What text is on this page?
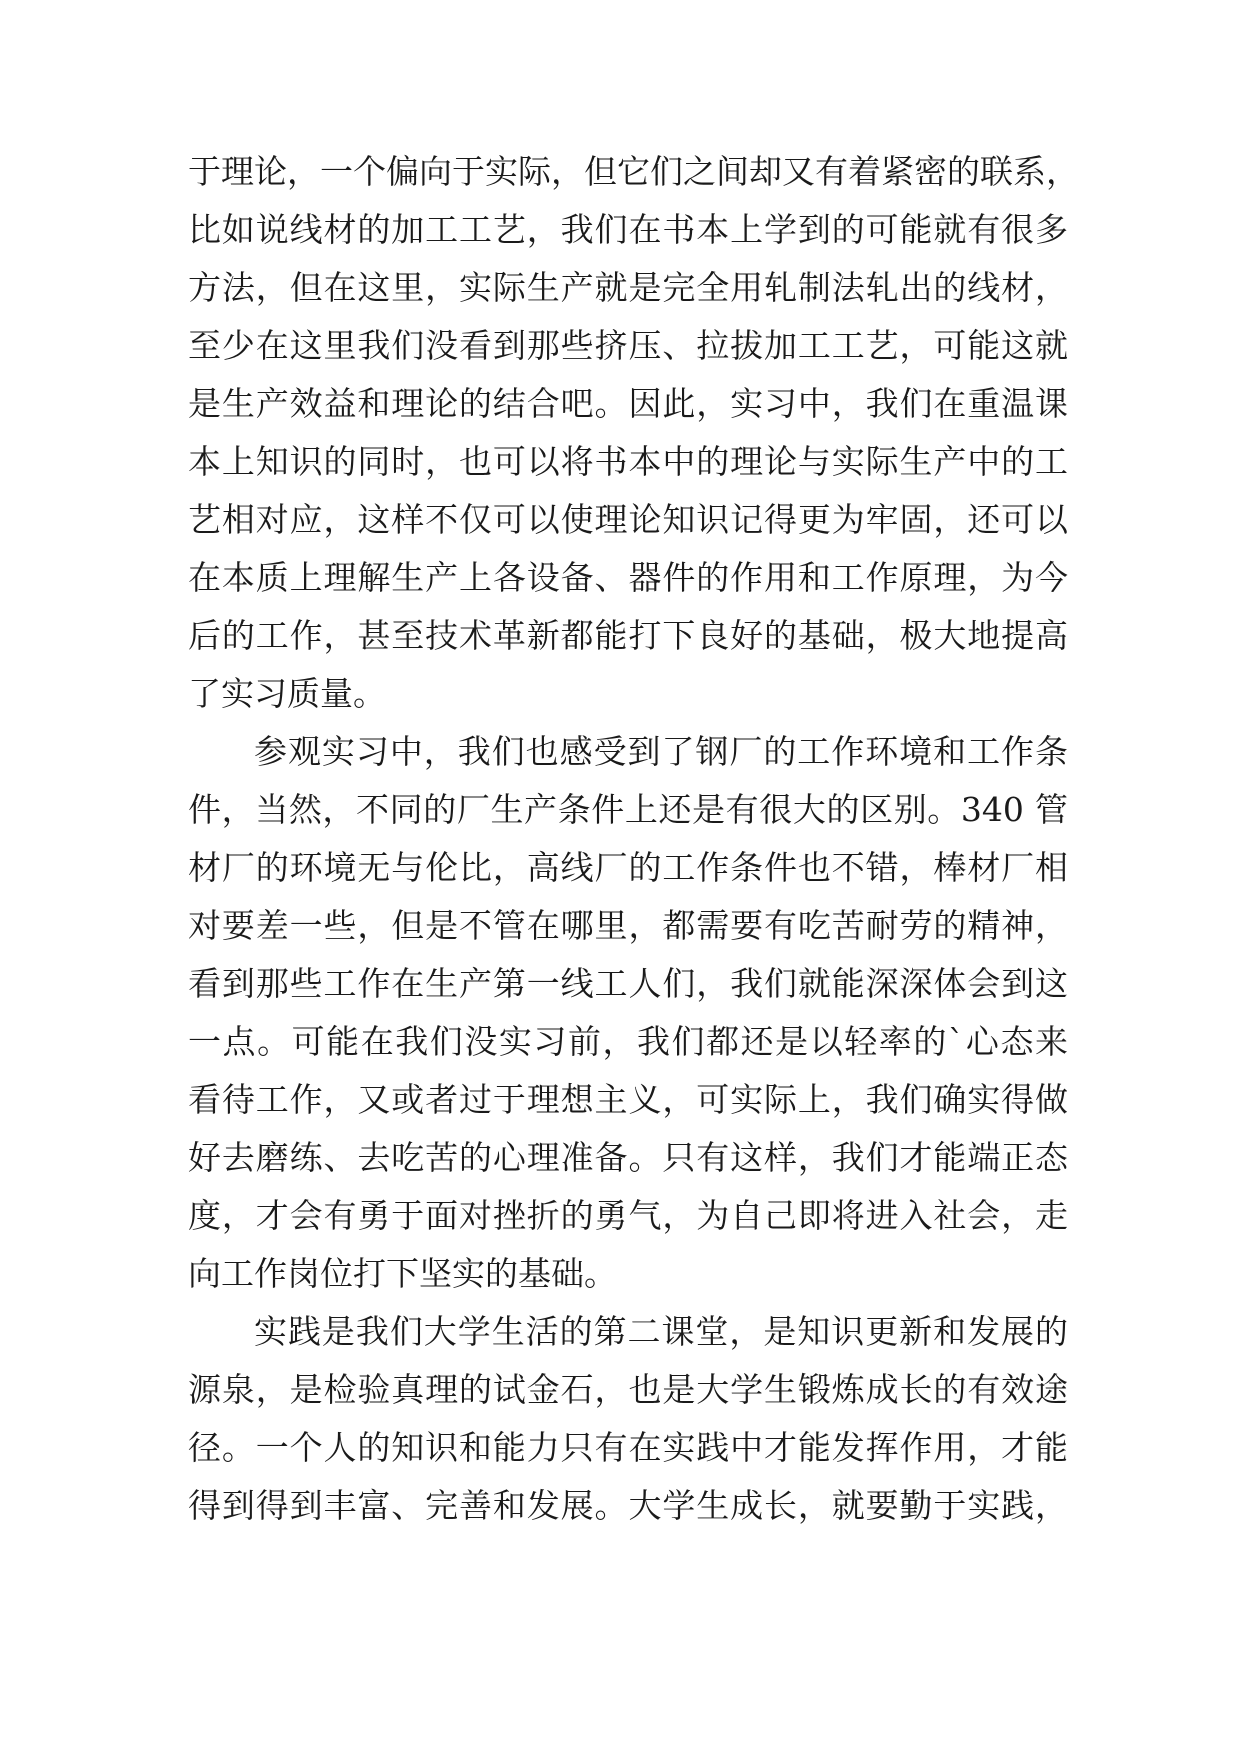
于理论，一个偏向于实际，但它们之间却又有着紧密的联系，
比如说线材的加工工艺，我们在书本上学到的可能就有很多
方法，但在这里，实际生产就是完全用轧制法轧出的线材，
至少在这里我们没看到那些挤压、拉拔加工工艺，可能这就
是生产效益和理论的结合吧。因此，实习中，我们在重温课
本上知识的同时，也可以将书本中的理论与实际生产中的工
艺相对应，这样不仅可以使理论知识记得更为牢固，还可以
在本质上理解生产上各设备、器件的作用和工作原理，为今
后的工作，甚至技术革新都能打下良好的基础，极大地提高
了实习质量。
参观实习中，我们也感受到了钢厂的工作环境和工作条
件，当然，不同的厂生产条件上还是有很大的区别。340 管
材厂的环境无与伦比，高线厂的工作条件也不错，棒材厂相
对要差一些，但是不管在哪里，都需要有吃苦耐劳的精神，
看到那些工作在生产第一线工人们，我们就能深深体会到这
一点。可能在我们没实习前，我们都还是以轻率的`心态来
看待工作，又或者过于理想主义，可实际上，我们确实得做
好去磨练、去吃苦的心理准备。只有这样，我们才能端正态
度，才会有勇于面对挫折的勇气，为自己即将进入社会，走
向工作岗位打下坚实的基础。
实践是我们大学生活的第二课堂，是知识更新和发展的
源泉，是检验真理的试金石，也是大学生锻炼成长的有效途
径。一个人的知识和能力只有在实践中才能发挥作用，才能
得到得到丰富、完善和发展。大学生成长，就要勤于实践，
